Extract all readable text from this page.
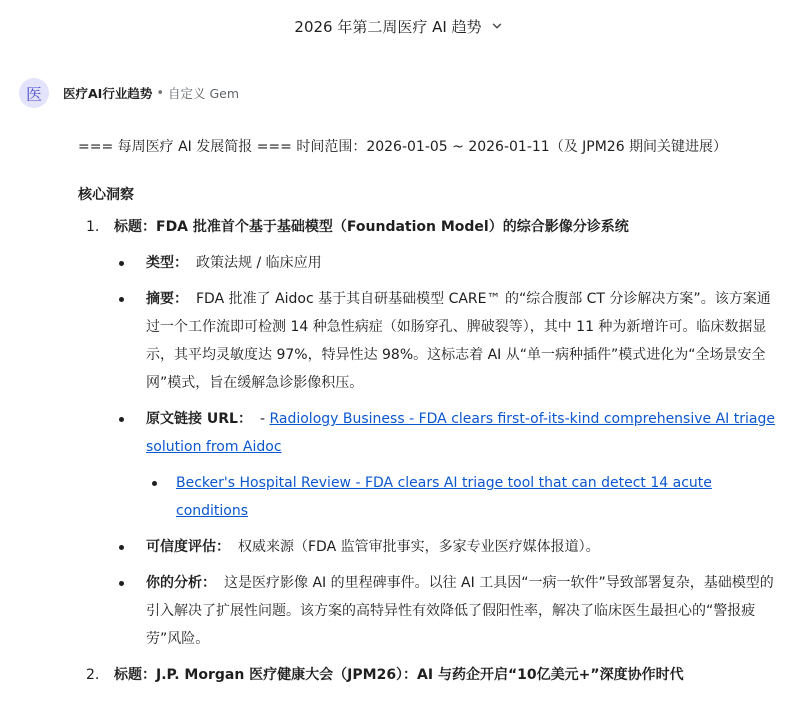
2026 年第二周医疗 AI 趋势
医	医疗AI行业趋势 • 自定义 Gem

=== 每周医疗 AI 发展简报 === 时间范围：2026-01-05 ~ 2026-01-11（及 JPM26 期间关键进展）

核心洞察

1. 标题：FDA 批准首个基于基础模型（Foundation Model）的综合影像分诊系统
类型： 政策法规 / 临床应用
摘要： FDA 批准了 Aidoc 基于其自研基础模型 CARE™ 的“综合腹部 CT 分诊解决方案”。该方案通过一个工作流即可检测 14 种急性病症（如肠穿孔、脾破裂等），其中 11 种为新增许可。临床数据显示，其平均灵敏度达 97%，特异性达 98%。这标志着 AI 从“单一病种插件”模式进化为“全场景安全网”模式，旨在缓解急诊影像积压。
原文链接 URL： - Radiology Business - FDA clears first-of-its-kind comprehensive AI triage solution from Aidoc
Becker's Hospital Review - FDA clears AI triage tool that can detect 14 acute conditions
可信度评估： 权威来源（FDA 监管审批事实，多家专业医疗媒体报道）。
你的分析： 这是医疗影像 AI 的里程碑事件。以往 AI 工具因“一病一软件”导致部署复杂，基础模型的引入解决了扩展性问题。该方案的高特异性有效降低了假阳性率，解决了临床医生最担心的“警报疲劳”风险。
2. 标题：J.P. Morgan 医疗健康大会（JPM26）：AI 与药企开启“10亿美元+”深度协作时代
